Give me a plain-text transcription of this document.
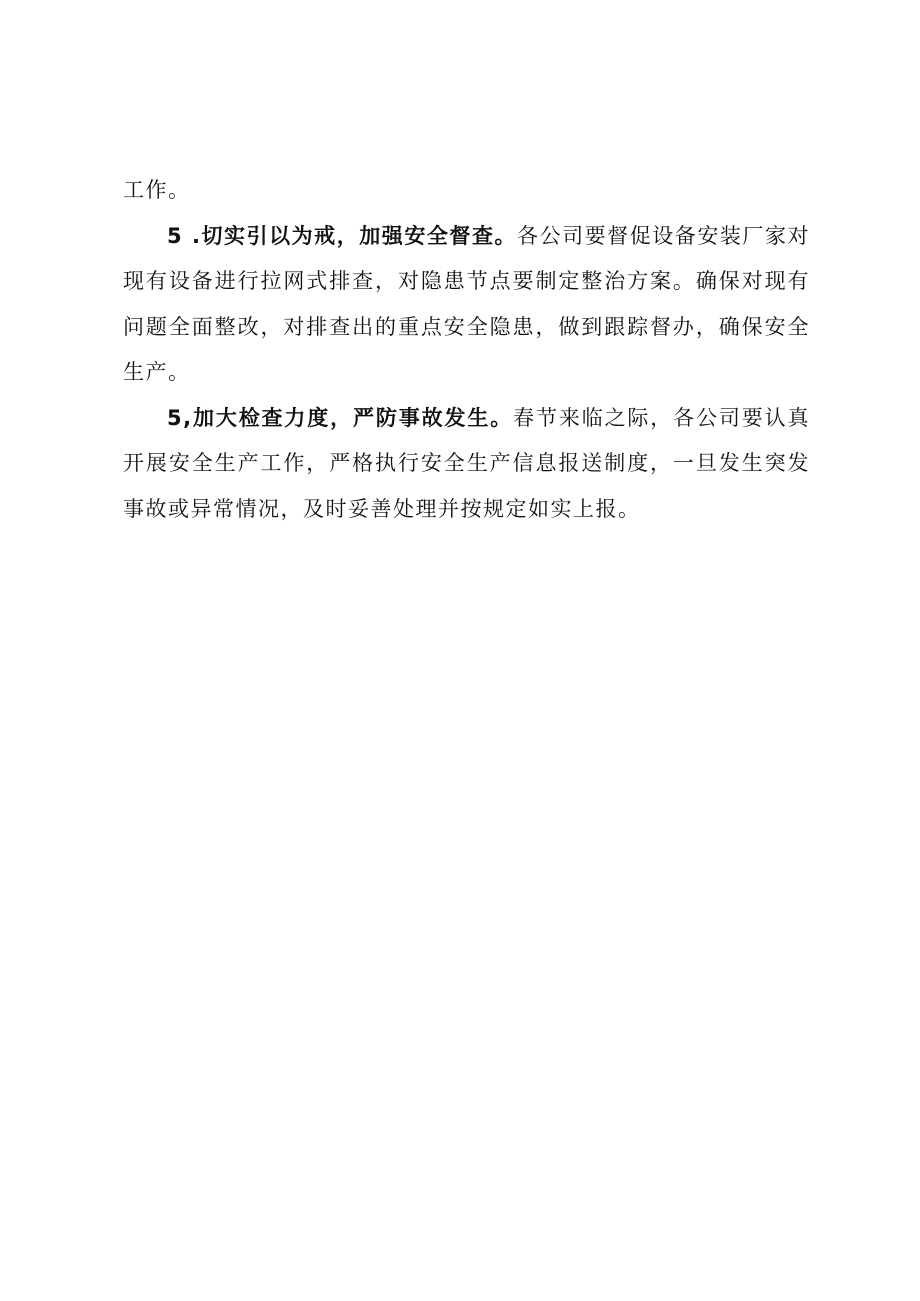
工作。

5 .切实引以为戒，加强安全督查。各公司要督促设备安装厂家对现有设备进行拉网式排查，对隐患节点要制定整治方案。确保对现有问题全面整改，对排查出的重点安全隐患，做到跟踪督办，确保安全生产。

5,加大检查力度，严防事故发生。春节来临之际，各公司要认真开展安全生产工作，严格执行安全生产信息报送制度，一旦发生突发事故或异常情况，及时妥善处理并按规定如实上报。
